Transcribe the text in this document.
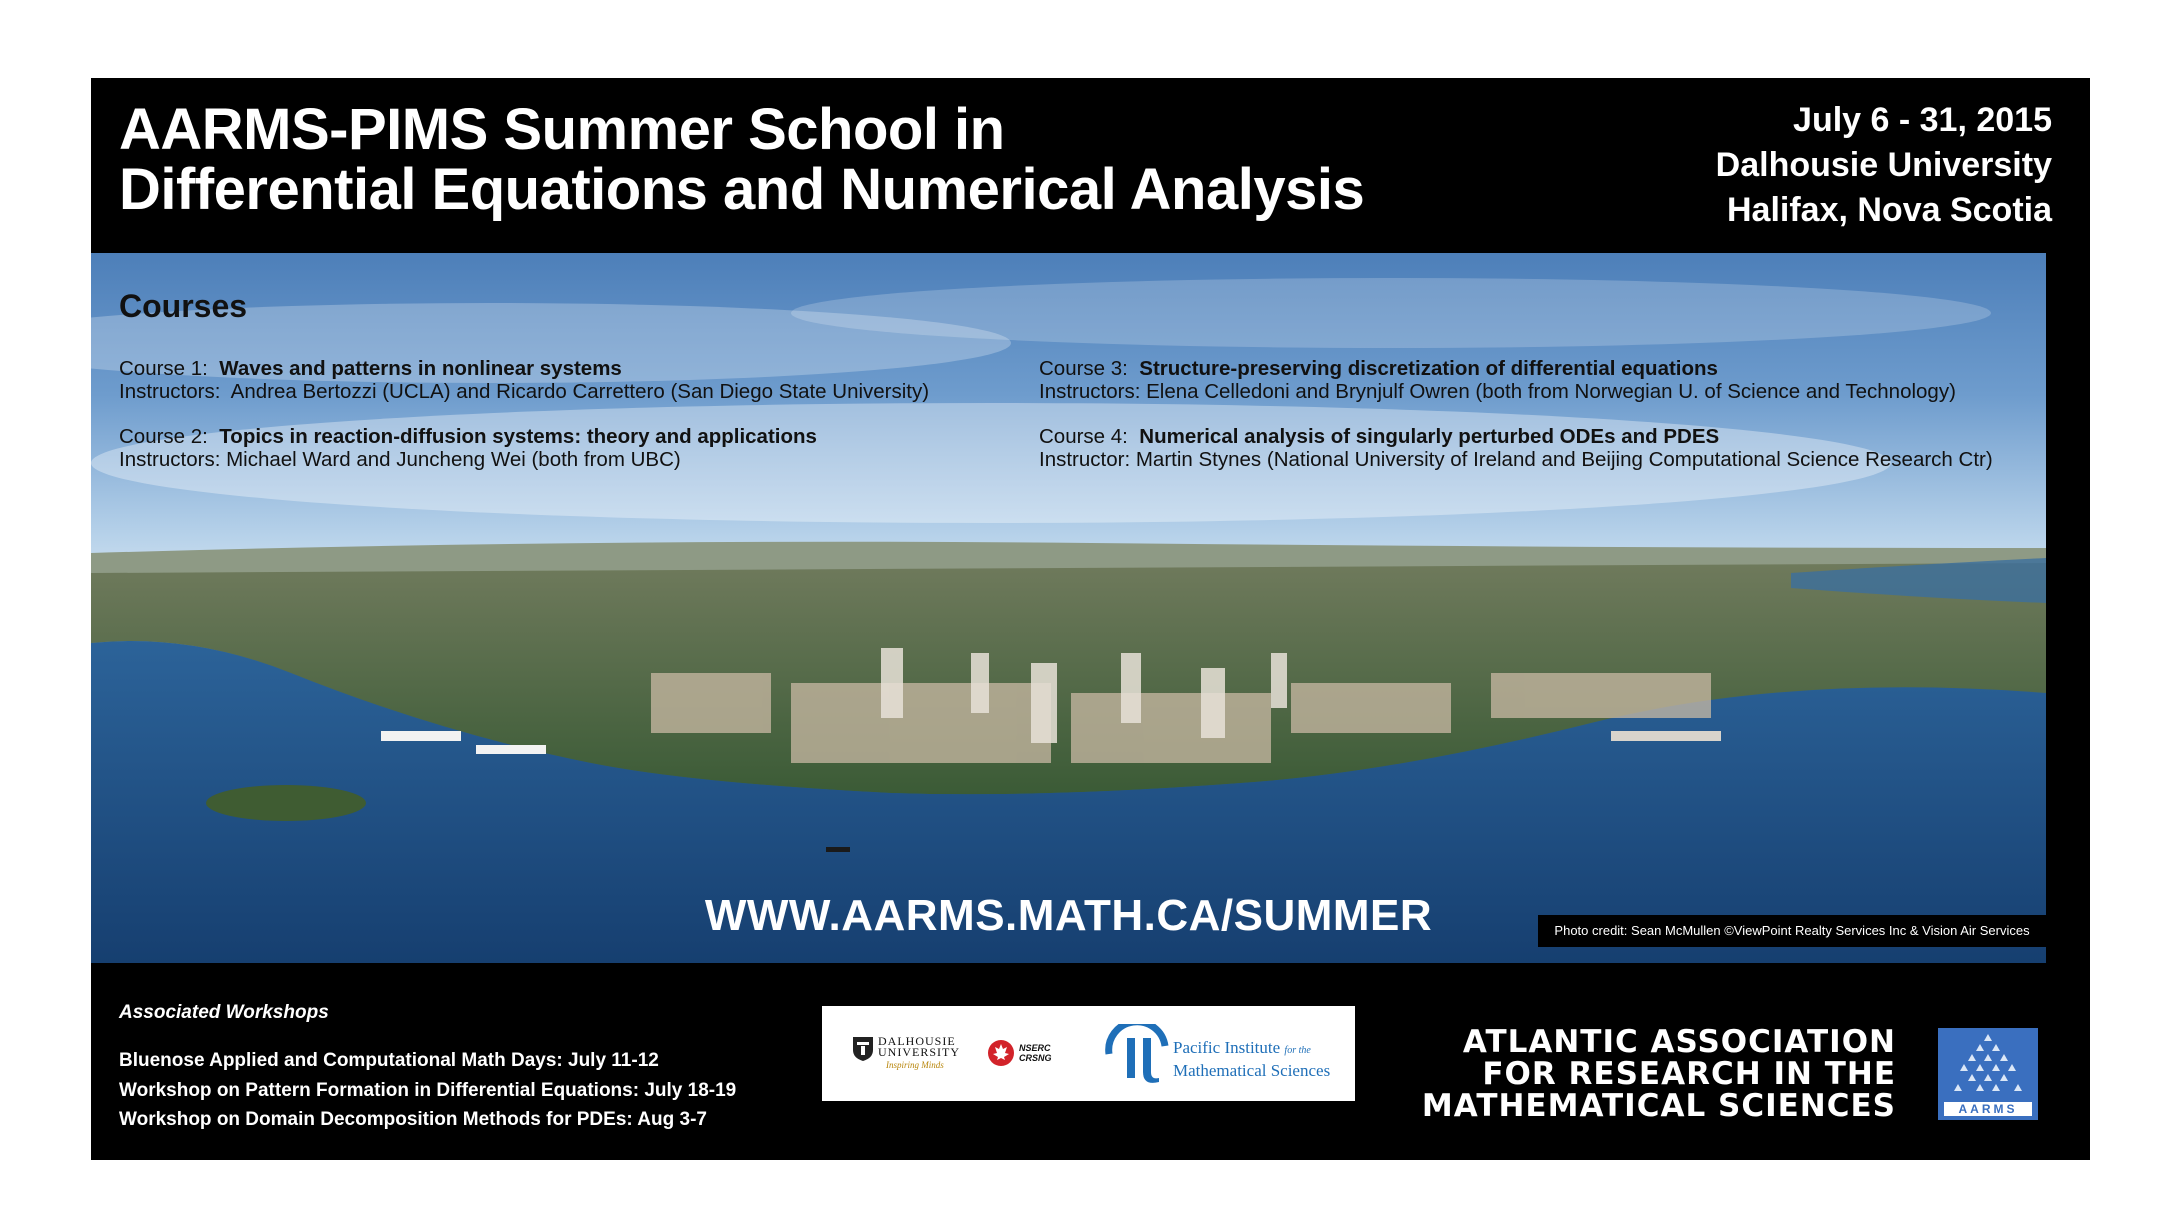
AARMS-PIMS Summer School in
Differential Equations and Numerical Analysis
July 6 - 31, 2015
Dalhousie University
Halifax, Nova Scotia
Courses
Course 1: Waves and patterns in nonlinear systems
Instructors: Andrea Bertozzi (UCLA) and Ricardo Carrettero (San Diego State University)
Course 2: Topics in reaction-diffusion systems: theory and applications
Instructors: Michael Ward and Juncheng Wei (both from UBC)
Course 3: Structure-preserving discretization of differential equations
Instructors: Elena Celledoni and Brynjulf Owren (both from Norwegian U. of Science and Technology)
Course 4: Numerical analysis of singularly perturbed ODEs and PDES
Instructor: Martin Stynes (National University of Ireland and Beijing Computational Science Research Ctr)
WWW.AARMS.MATH.CA/SUMMER	Photo credit: Sean McMullen ©ViewPoint Realty Services Inc & Vision Air Services
Associated Workshops
Bluenose Applied and Computational Math Days: July 11-12
Workshop on Pattern Formation in Differential Equations: July 18-19
Workshop on Domain Decomposition Methods for PDEs: Aug 3-7
DALHOUSIE UNIVERSITY
Inspiring Minds
NSERC
CRSNG
Pacific Institute for the
Mathematical Sciences
ATLANTIC ASSOCIATION
FOR RESEARCH IN THE
MATHEMATICAL SCIENCES	AARMS
